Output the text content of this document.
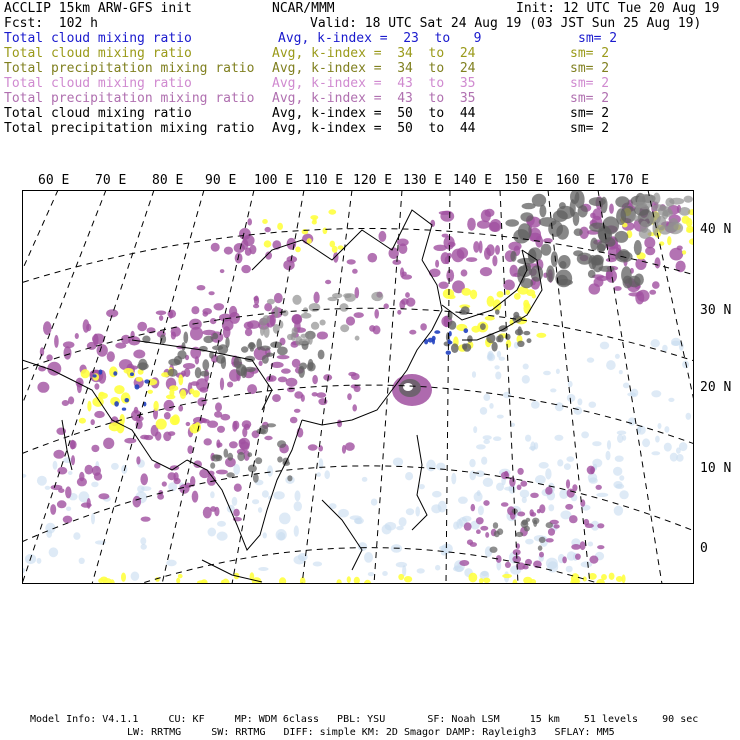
ACCLIP 15km ARW-GFS init	NCAR/MMM	Init: 12 UTC Tue 20 Aug 19
Fcst:  102 h	Valid: 18 UTC Sat 24 Aug 19 (03 JST Sun 25 Aug 19)
Total cloud mixing ratio	Avg, k-index =  23  to   9	sm= 2
Total cloud mixing ratio	Avg, k-index =  34  to  24	sm= 2
Total precipitation mixing ratio Avg, k-index =  34  to  24	sm= 2
Total cloud mixing ratio	Avg, k-index =  43  to  35	sm= 2
Total precipitation mixing ratio Avg, k-index =  43  to  35	sm= 2
Total cloud mixing ratio	Avg, k-index =  50  to  44	sm= 2
Total precipitation mixing ratio Avg, k-index =  50  to  44	sm= 2
60 E 70 E 80 E 90 E 100 E 110 E 120 E 130 E 140 E 150 E 160 E 170 E
40 N
30 N
20 N
10 N
0
Model Info: V4.1.1     CU: KF     MP: WDM 6class   PBL: YSU       SF: Noah LSM     15 km    51 levels    90 sec
LW: RRTMG     SW: RRTMG   DIFF: simple KM: 2D Smagor DAMP: Rayleigh3   SFLAY: MM5
